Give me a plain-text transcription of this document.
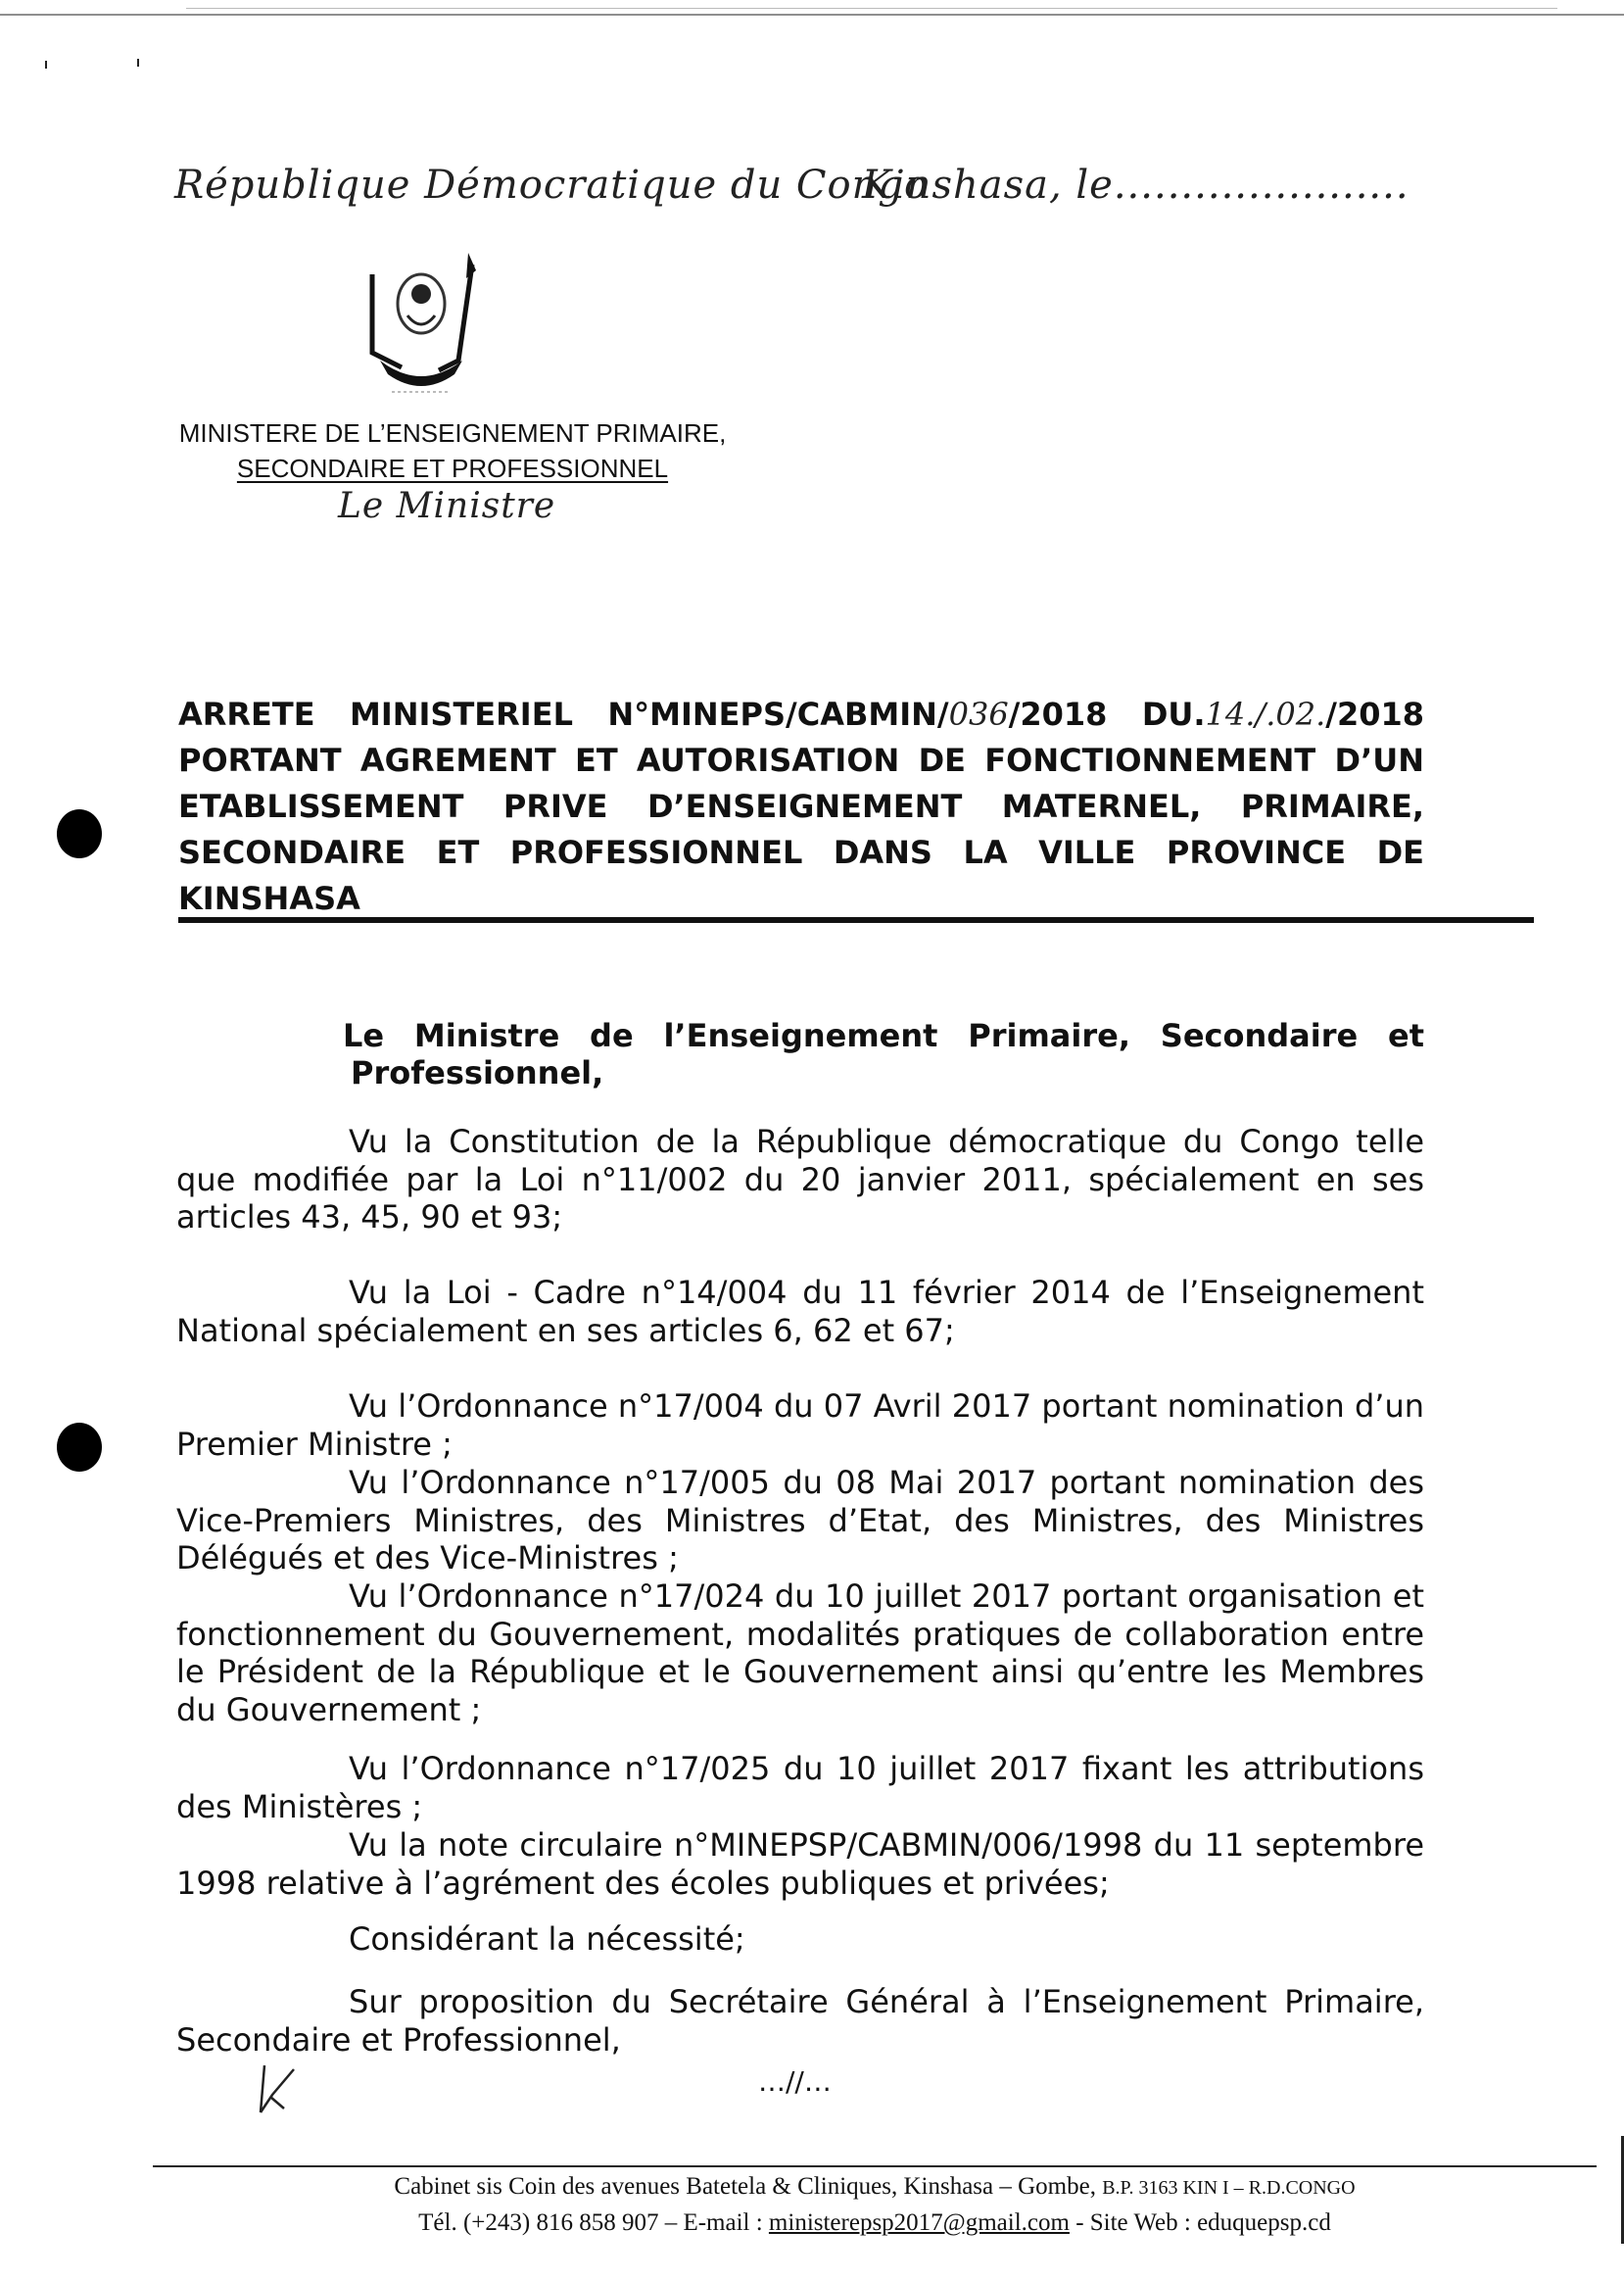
République Démocratique du Congo
Kinshasa, le......................
MINISTERE DE L’ENSEIGNEMENT PRIMAIRE,
SECONDAIRE ET PROFESSIONNEL
Le Ministre

ARRETE MINISTERIEL N°MINEPS/CABMIN/036/2018 DU.14./.02./2018

PORTANT AGREMENT ET AUTORISATION DE FONCTIONNEMENT D’UN

ETABLISSEMENT PRIVE D’ENSEIGNEMENT MATERNEL, PRIMAIRE,

SECONDAIRE ET PROFESSIONNEL DANS LA VILLE PROVINCE DE

KINSHASA

Le Ministre de l’Enseignement Primaire, Secondaire et

Professionnel,

Vu la Constitution de la République démocratique du Congo telle que modifiée par la Loi n°11/002 du 20 janvier 2011, spécialement en ses articles 43, 45, 90 et 93;

Vu la Loi - Cadre n°14/004 du 11 février 2014 de l’Enseignement National spécialement en ses articles 6, 62 et 67;

Vu l’Ordonnance n°17/004 du 07 Avril 2017 portant nomination d’un Premier Ministre ;

Vu l’Ordonnance n°17/005 du 08 Mai 2017 portant nomination des Vice-Premiers Ministres, des Ministres d’Etat, des Ministres, des Ministres Délégués et des Vice-Ministres ;

Vu l’Ordonnance n°17/024 du 10 juillet 2017 portant organisation et fonctionnement du Gouvernement, modalités pratiques de collaboration entre le Président de la République et le Gouvernement ainsi qu’entre les Membres du Gouvernement ;

Vu l’Ordonnance n°17/025 du 10 juillet 2017 fixant les attributions des Ministères ;

Vu la note circulaire n°MINEPSP/CABMIN/006/1998 du 11 septembre 1998 relative à l’agrément des écoles publiques et privées;

Considérant la nécessité;

Sur proposition du Secrétaire Général à l’Enseignement Primaire, Secondaire et Professionnel,

…//…
Cabinet sis Coin des avenues Batetela & Cliniques, Kinshasa – Gombe, B.P. 3163 KIN I – R.D.CONGO
Tél. (+243) 816 858 907 – E-mail : ministerepsp2017@gmail.com - Site Web : eduquepsp.cd
